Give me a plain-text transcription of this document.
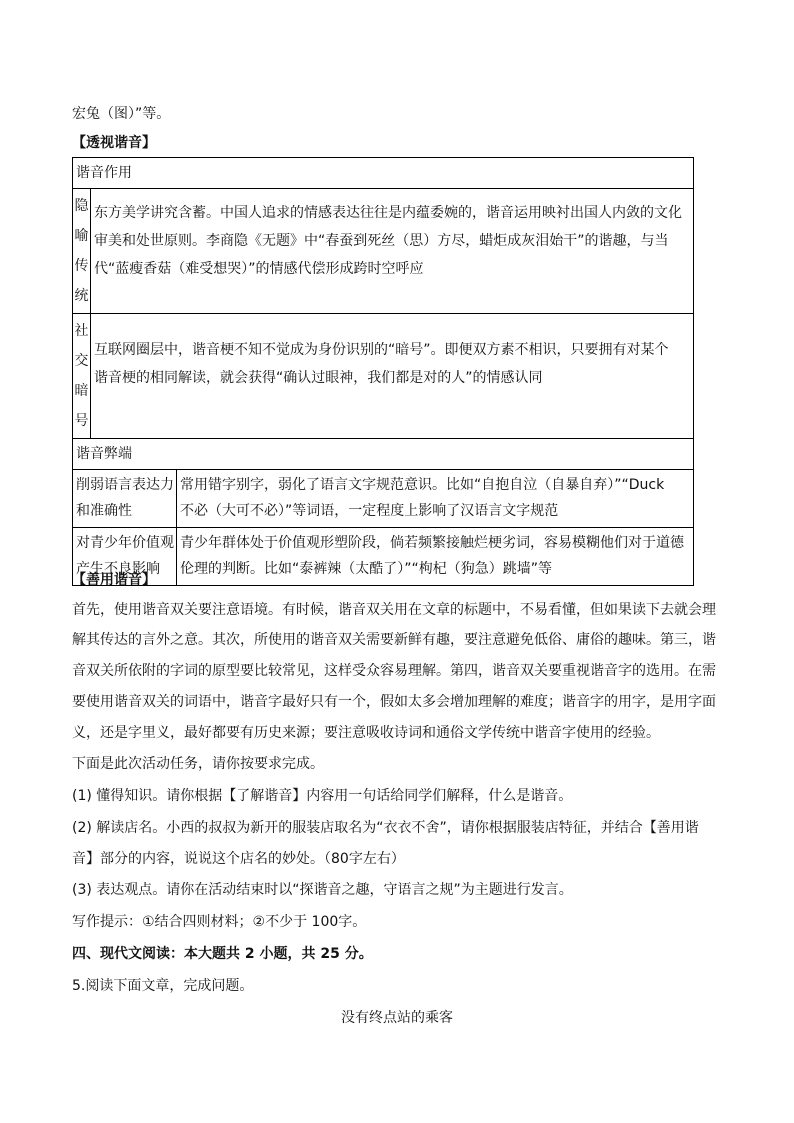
宏兔（图）”等。
【透视谐音】
谐音作用		

隐
喻
传
统	东方美学讲究含蓄。中国人追求的情感表达往往是内蕴委婉的，谐音运用映衬出国人内敛的文化
审美和处世原则。李商隐《无题》中“春蚕到死丝（思）方尽，蜡炬成灰泪始干”的谐趣，与当
代“蓝瘦香菇（难受想哭）”的情感代偿形成跨时空呼应	

社
交
暗
号	互联网圈层中，谐音梗不知不觉成为身份识别的“暗号”。即便双方素不相识，只要拥有对某个
谐音梗的相同解读，就会获得“确认过眼神，我们都是对的人”的情感认同	

谐音弊端		

削弱语言表达力
和准确性		常用错字别字，弱化了语言文字规范意识。比如“自抱自泣（自暴自弃）”“Duck
不必（大可不必）”等词语，一定程度上影响了汉语言文字规范

对青少年价值观
产生不良影响		青少年群体处于价值观形塑阶段，倘若频繁接触烂梗劣词，容易模糊他们对于道德
伦理的判断。比如“泰裤辣（太酷了）”“枸杞（狗急）跳墙”等
【善用谐音】
首先，使用谐音双关要注意语境。有时候，谐音双关用在文章的标题中，不易看懂，但如果读下去就会理
解其传达的言外之意。其次，所使用的谐音双关需要新鲜有趣，要注意避免低俗、庸俗的趣味。第三，谐
音双关所依附的字词的原型要比较常见，这样受众容易理解。第四，谐音双关要重视谐音字的选用。在需
要使用谐音双关的词语中，谐音字最好只有一个，假如太多会增加理解的难度；谐音字的用字，是用字面
义，还是字里义，最好都要有历史来源；要注意吸收诗词和通俗文学传统中谐音字使用的经验。
下面是此次活动任务，请你按要求完成。
(1) 懂得知识。请你根据【了解谐音】内容用一句话给同学们解释，什么是谐音。
(2) 解读店名。小西的叔叔为新开的服装店取名为“衣衣不舍”，请你根据服装店特征，并结合【善用谐
音】部分的内容，说说这个店名的妙处。（80字左右）
(3) 表达观点。请你在活动结束时以“探谐音之趣，守语言之规”为主题进行发言。
写作提示：①结合四则材料；②不少于 100字。
四、现代文阅读：本大题共 2 小题，共 25 分。
5.阅读下面文章，完成问题。
没有终点站的乘客
